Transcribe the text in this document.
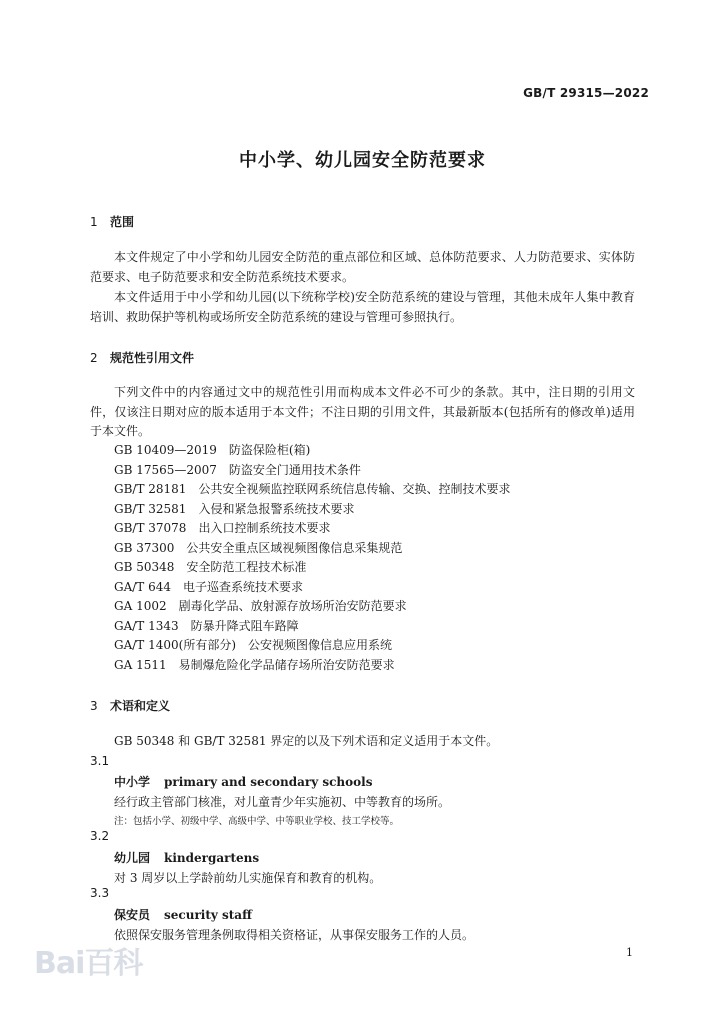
GB/T 29315—2022
中小学、幼儿园安全防范要求
1 范围
本文件规定了中小学和幼儿园安全防范的重点部位和区域、总体防范要求、人力防范要求、实体防范要求、电子防范要求和安全防范系统技术要求。
本文件适用于中小学和幼儿园(以下统称学校)安全防范系统的建设与管理，其他未成年人集中教育培训、救助保护等机构或场所安全防范系统的建设与管理可参照执行。
2 规范性引用文件
下列文件中的内容通过文中的规范性引用而构成本文件必不可少的条款。其中，注日期的引用文件，仅该注日期对应的版本适用于本文件；不注日期的引用文件，其最新版本(包括所有的修改单)适用于本文件。
GB 10409—2019　防盗保险柜(箱)
GB 17565—2007　防盗安全门通用技术条件
GB/T 28181　公共安全视频监控联网系统信息传输、交换、控制技术要求
GB/T 32581　入侵和紧急报警系统技术要求
GB/T 37078　出入口控制系统技术要求
GB 37300　公共安全重点区域视频图像信息采集规范
GB 50348　安全防范工程技术标准
GA/T 644　电子巡查系统技术要求
GA 1002　剧毒化学品、放射源存放场所治安防范要求
GA/T 1343　防暴升降式阻车路障
GA/T 1400(所有部分)　公安视频图像信息应用系统
GA 1511　易制爆危险化学品储存场所治安防范要求
3 术语和定义
GB 50348 和 GB/T 32581 界定的以及下列术语和定义适用于本文件。
3.1
中小学 primary and secondary schools
经行政主管部门核准，对儿童青少年实施初、中等教育的场所。
注：包括小学、初级中学、高级中学、中等职业学校、技工学校等。
3.2
幼儿园 kindergartens
对 3 周岁以上学龄前幼儿实施保育和教育的机构。
3.3
保安员 security staff
依照保安服务管理条例取得相关资格证，从事保安服务工作的人员。
1
Bai百科
